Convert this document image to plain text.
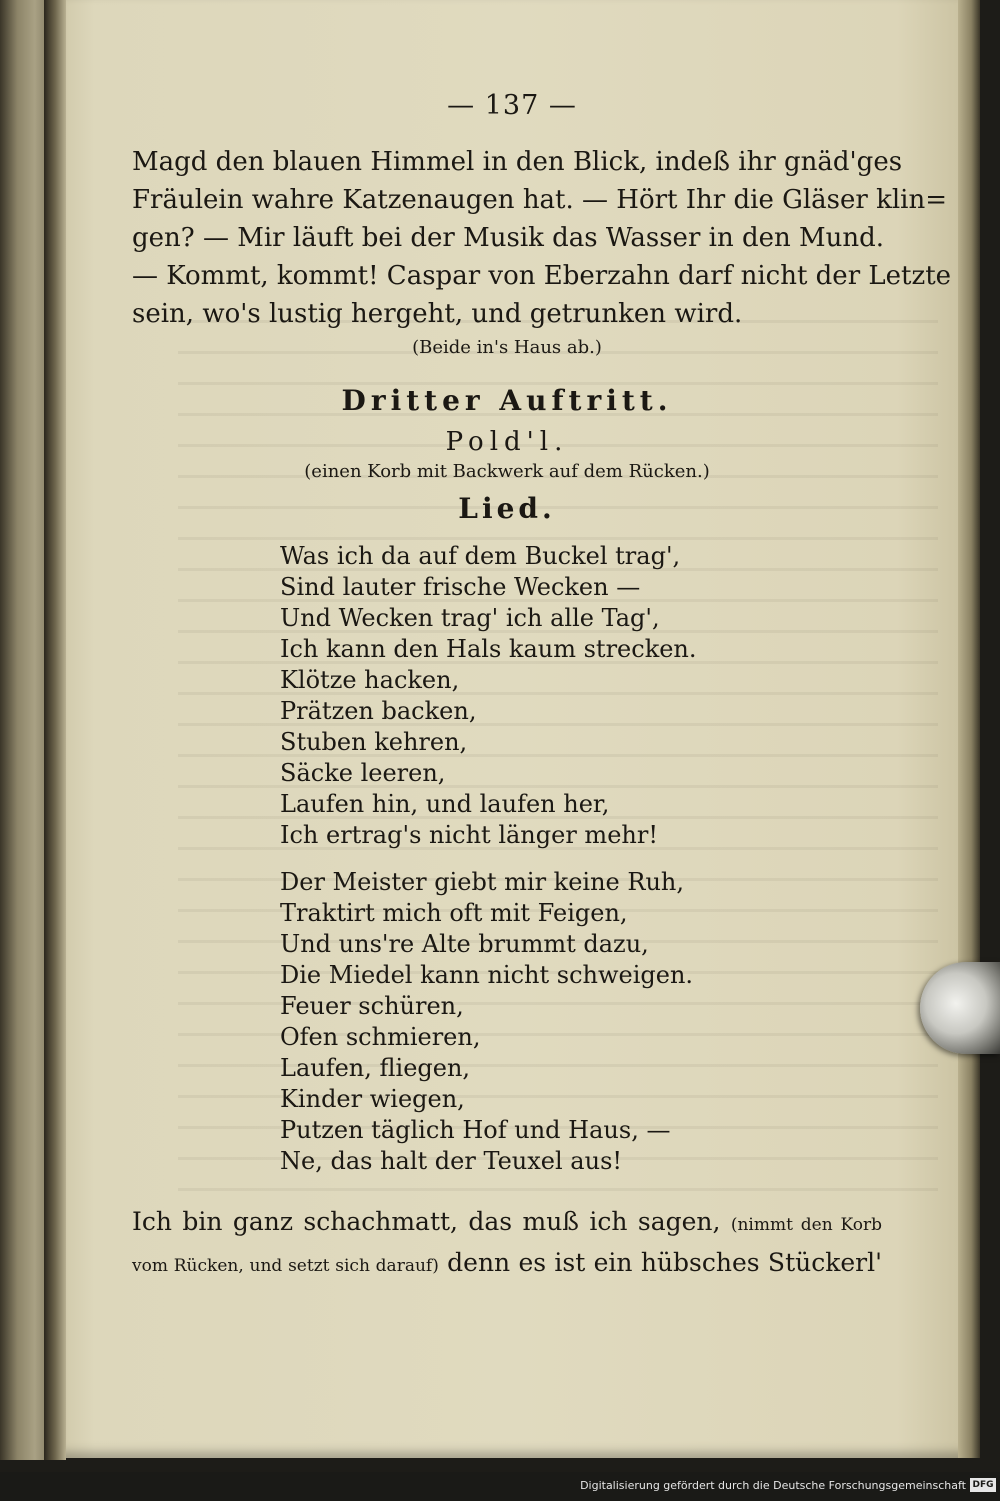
— 137 —

Magd den blauen Himmel in den Blick, indeß ihr gnäd'ges
Fräulein wahre Katzenaugen hat. — Hört Ihr die Gläser klin=
gen? — Mir läuft bei der Musik das Wasser in den Mund.
— Kommt, kommt! Caspar von Eberzahn darf nicht der Letzte
sein, wo's lustig hergeht, und getrunken wird.

(Beide in's Haus ab.)

Dritter Auftritt.

Pold'l.

(einen Korb mit Backwerk auf dem Rücken.)

Lied.

Was ich da auf dem Buckel trag',
Sind lauter frische Wecken —
Und Wecken trag' ich alle Tag',
Ich kann den Hals kaum strecken.
Klötze hacken,
Prätzen backen,
Stuben kehren,
Säcke leeren,
Laufen hin, und laufen her,
Ich ertrag's nicht länger mehr!
Der Meister giebt mir keine Ruh,
Traktirt mich oft mit Feigen,
Und uns're Alte brummt dazu,
Die Miedel kann nicht schweigen.
Feuer schüren,
Ofen schmieren,
Laufen, fliegen,
Kinder wiegen,
Putzen täglich Hof und Haus, —
Ne, das halt der Teuxel aus!

Ich bin ganz schachmatt, das muß ich sagen, (nimmt den Korb
vom Rücken, und setzt sich darauf) denn es ist ein hübsches Stückerl'

Digitalisierung gefördert durch die Deutsche Forschungsgemeinschaft DFG
